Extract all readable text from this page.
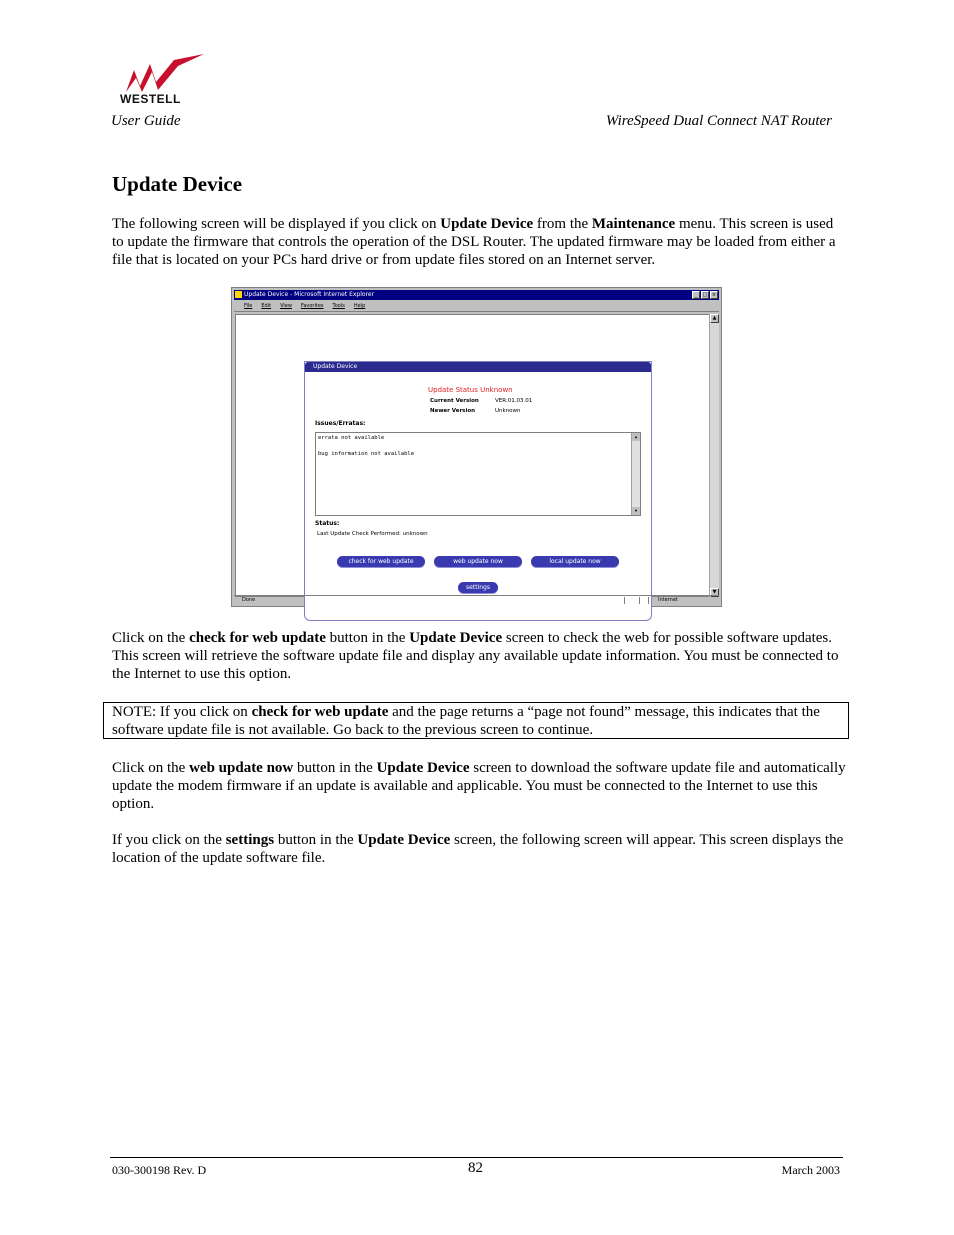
WESTELL
User Guide	WireSpeed Dual Connect NAT Router
Update Device
The following screen will be displayed if you click on Update Device from the Maintenance menu. This screen is used to update the firmware that controls the operation of the DSL Router. The updated firmware may be loaded from either a file that is located on your PCs hard drive or from update files stored on an Internet server.
Update Device - Microsoft Internet Explorer	_	□ ×
File Edit View Favorites Tools Help
Update Device
Update Status Unknown
Current Version	VER:01.03.01
Newer Version	Unknown
Issues/Erratas:
errata not available
bug information not available
▲
▼
Status:
Last Update Check Performed: unknown
check for web update	web update now	local update now
settings
▲
▼
Done	Internet
Click on the check for web update button in the Update Device screen to check the web for possible software updates. This screen will retrieve the software update file and display any available update information. You must be connected to the Internet to use this option.
NOTE: If you click on check for web update and the page returns a “page not found” message, this indicates that the software update file is not available. Go back to the previous screen to continue.
Click on the web update now button in the Update Device screen to download the software update file and automatically update the modem firmware if an update is available and applicable. You must be connected to the Internet to use this option.
If you click on the settings button in the Update Device screen, the following screen will appear. This screen displays the location of the update software file.
030-300198 Rev. D	82	March 2003
